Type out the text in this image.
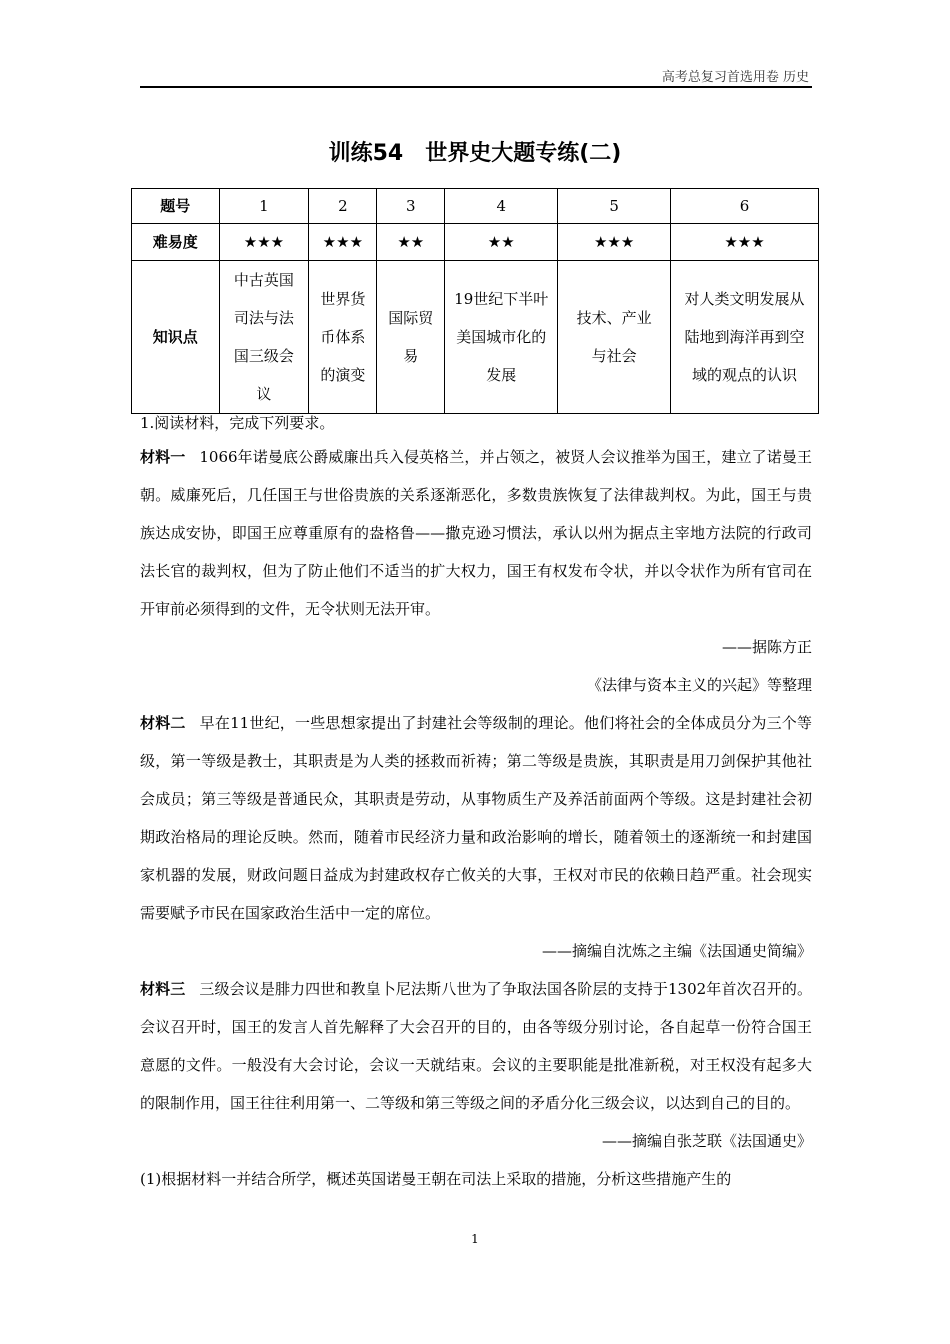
高考总复习首选用卷 历史
训练54　世界史大题专练(二)
题号	1	2	3	4	5	6
难易度	★★★	★★★	★★	★★	★★★	★★★
知识点	中古英国司法与法国三级会议	世界货币体系的演变	国际贸易	19世纪下半叶美国城市化的发展	技术、产业与社会	对人类文明发展从陆地到海洋再到空域的观点的认识

1.阅读材料，完成下列要求。

材料一 1066年诺曼底公爵威廉出兵入侵英格兰，并占领之，被贤人会议推举为国王，建立了诺曼王朝。威廉死后，几任国王与世俗贵族的关系逐渐恶化，多数贵族恢复了法律裁判权。为此，国王与贵族达成安协，即国王应尊重原有的盎格鲁——撒克逊习惯法，承认以州为据点主宰地方法院的行政司法长官的裁判权，但为了防止他们不适当的扩大权力，国王有权发布令状，并以令状作为所有官司在开审前必须得到的文件，无令状则无法开审。

——据陈方正

《法律与资本主义的兴起》等整理

材料二 早在11世纪，一些思想家提出了封建社会等级制的理论。他们将社会的全体成员分为三个等级，第一等级是教士，其职责是为人类的拯救而祈祷；第二等级是贵族，其职责是用刀剑保护其他社会成员；第三等级是普通民众，其职责是劳动，从事物质生产及养活前面两个等级。这是封建社会初期政治格局的理论反映。然而，随着市民经济力量和政治影响的增长，随着领土的逐渐统一和封建国家机器的发展，财政问题日益成为封建政权存亡攸关的大事，王权对市民的依赖日趋严重。社会现实需要赋予市民在国家政治生活中一定的席位。

——摘编自沈炼之主编《法国通史简编》

材料三 三级会议是腓力四世和教皇卜尼法斯八世为了争取法国各阶层的支持于1302年首次召开的。会议召开时，国王的发言人首先解释了大会召开的目的，由各等级分别讨论，各自起草一份符合国王意愿的文件。一般没有大会讨论，会议一天就结束。会议的主要职能是批准新税，对王权没有起多大的限制作用，国王往往利用第一、二等级和第三等级之间的矛盾分化三级会议，以达到自己的目的。

——摘编自张芝联《法国通史》

(1)根据材料一并结合所学，概述英国诺曼王朝在司法上采取的措施，分析这些措施产生的

1
